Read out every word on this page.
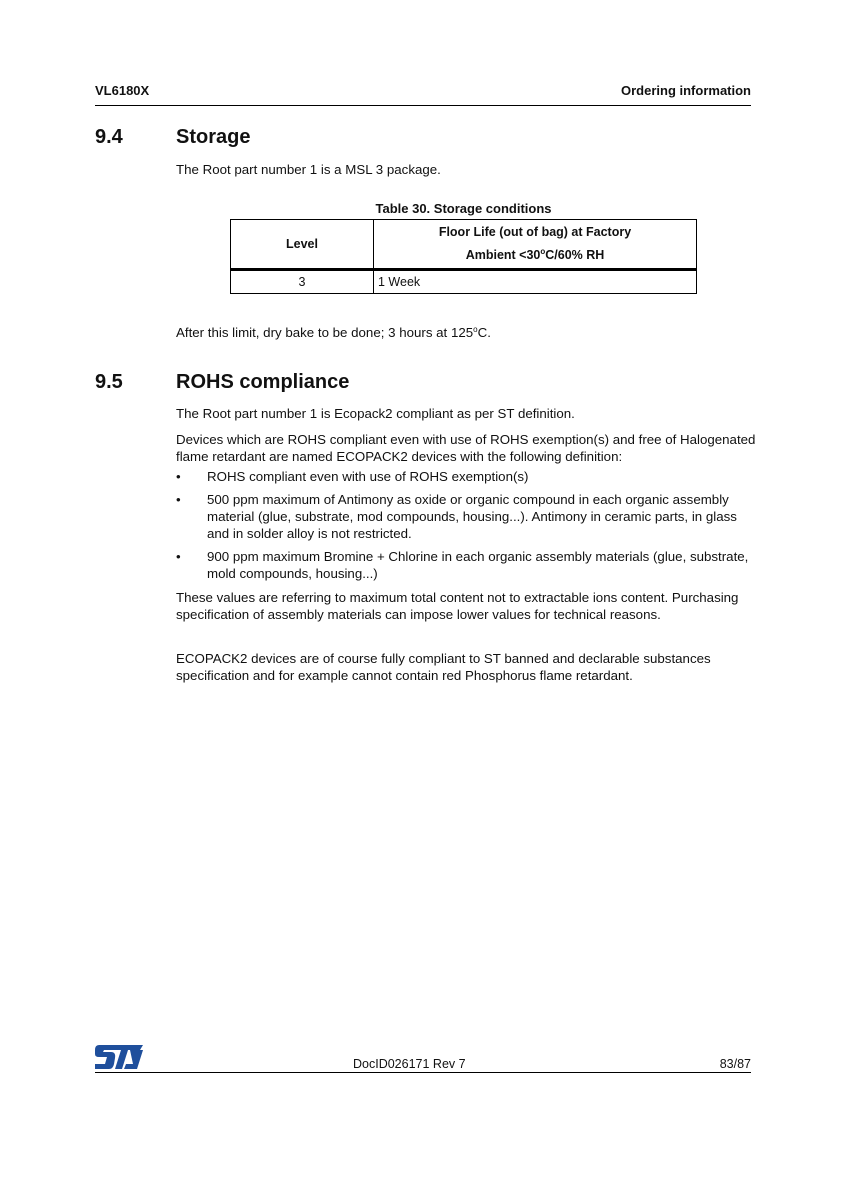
VL6180X	Ordering information
9.4	Storage
The Root part number 1 is a MSL 3 package.
Table 30. Storage conditions
Level	Floor Life (out of bag) at Factory
Ambient $<30^oC/60\%$ RH
3	1 Week
After this limit, dry bake to be done; 3 hours at 125$^o$C.
9.5	ROHS compliance
The Root part number 1 is Ecopack2 compliant as per ST definition.
Devices which are ROHS compliant even with use of ROHS exemption(s) and free of Halogenated flame retardant are named ECOPACK2 devices with the following definition:
• ROHS compliant even with use of ROHS exemption(s)
• 500 ppm maximum of Antimony as oxide or organic compound in each organic assembly material (glue, substrate, mod compounds, housing...). Antimony in ceramic parts, in glass and in solder alloy is not restricted.
• 900 ppm maximum Bromine + Chlorine in each organic assembly materials (glue, substrate, mold compounds, housing...)
These values are referring to maximum total content not to extractable ions content. Purchasing specification of assembly materials can impose lower values for technical reasons.
ECOPACK2 devices are of course fully compliant to ST banned and declarable substances specification and for example cannot contain red Phosphorus flame retardant.
DocID026171 Rev 7	83/87
